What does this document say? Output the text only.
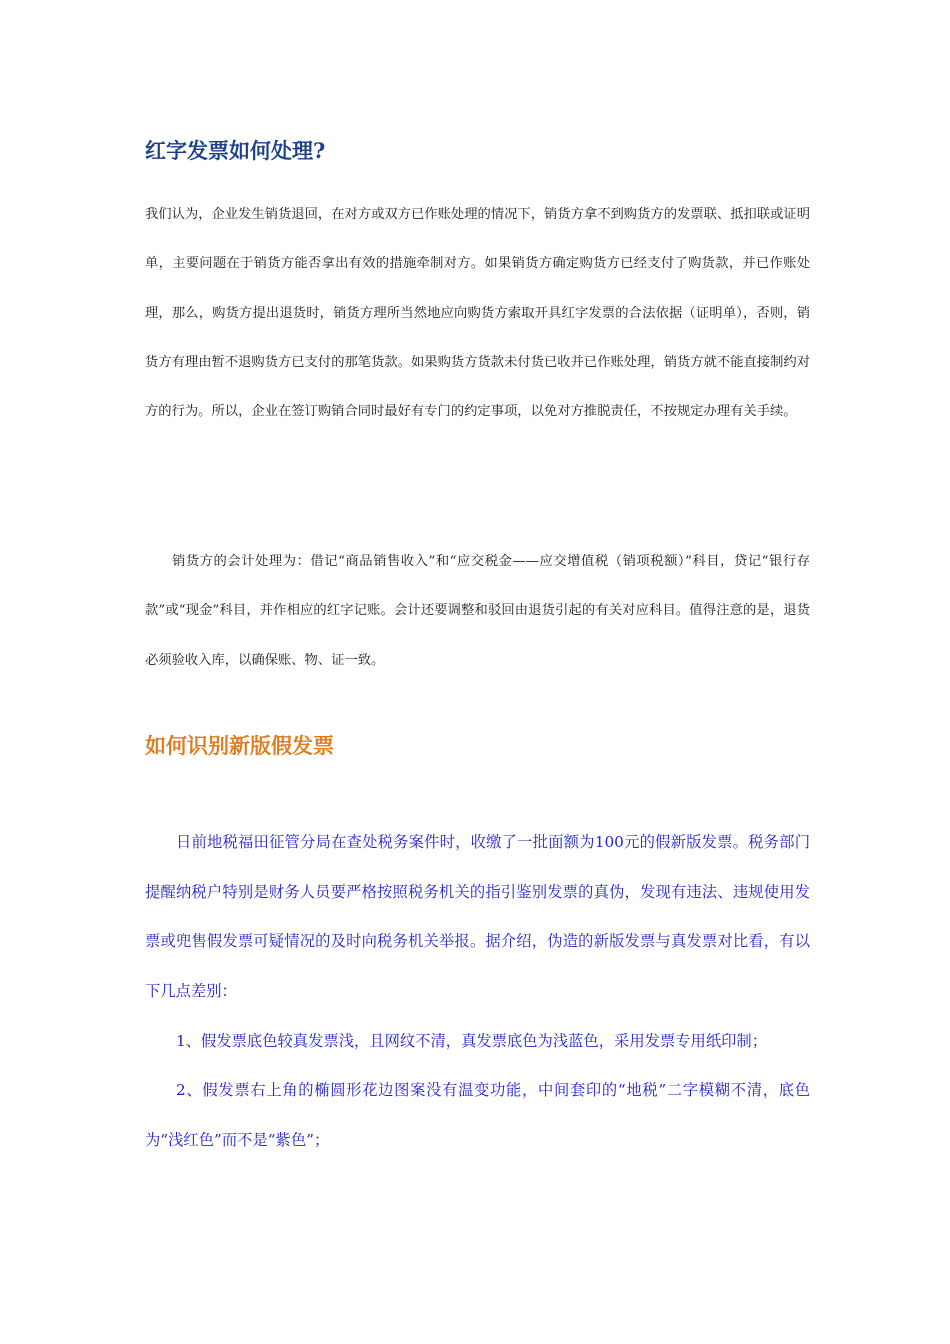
红字发票如何处理?

我们认为，企业发生销货退回，在对方或双方已作账处理的情况下，销货方拿不到购货方的发票联、抵扣联或证明单，主要问题在于销货方能否拿出有效的措施牵制对方。如果销货方确定购货方已经支付了购货款，并已作账处理，那么，购货方提出退货时，销货方理所当然地应向购货方索取开具红字发票的合法依据（证明单），否则，销货方有理由暂不退购货方已支付的那笔货款。如果购货方货款未付货已收并已作账处理，销货方就不能直接制约对方的行为。所以，企业在签订购销合同时最好有专门的约定事项，以免对方推脱责任，不按规定办理有关手续。

销货方的会计处理为：借记“商品销售收入”和“应交税金——应交增值税（销项税额）”科目，贷记“银行存款”或“现金”科目，并作相应的红字记账。会计还要调整和驳回由退货引起的有关对应科目。值得注意的是，退货必须验收入库，以确保账、物、证一致。

如何识别新版假发票

日前地税福田征管分局在查处税务案件时，收缴了一批面额为100元的假新版发票。税务部门提醒纳税户特别是财务人员要严格按照税务机关的指引鉴别发票的真伪，发现有违法、违规使用发票或兜售假发票可疑情况的及时向税务机关举报。据介绍，伪造的新版发票与真发票对比看，有以下几点差别：

1、假发票底色较真发票浅，且网纹不清，真发票底色为浅蓝色，采用发票专用纸印制；

2、假发票右上角的椭圆形花边图案没有温变功能，中间套印的“地税”二字模糊不清，底色为“浅红色”而不是“紫色”；
